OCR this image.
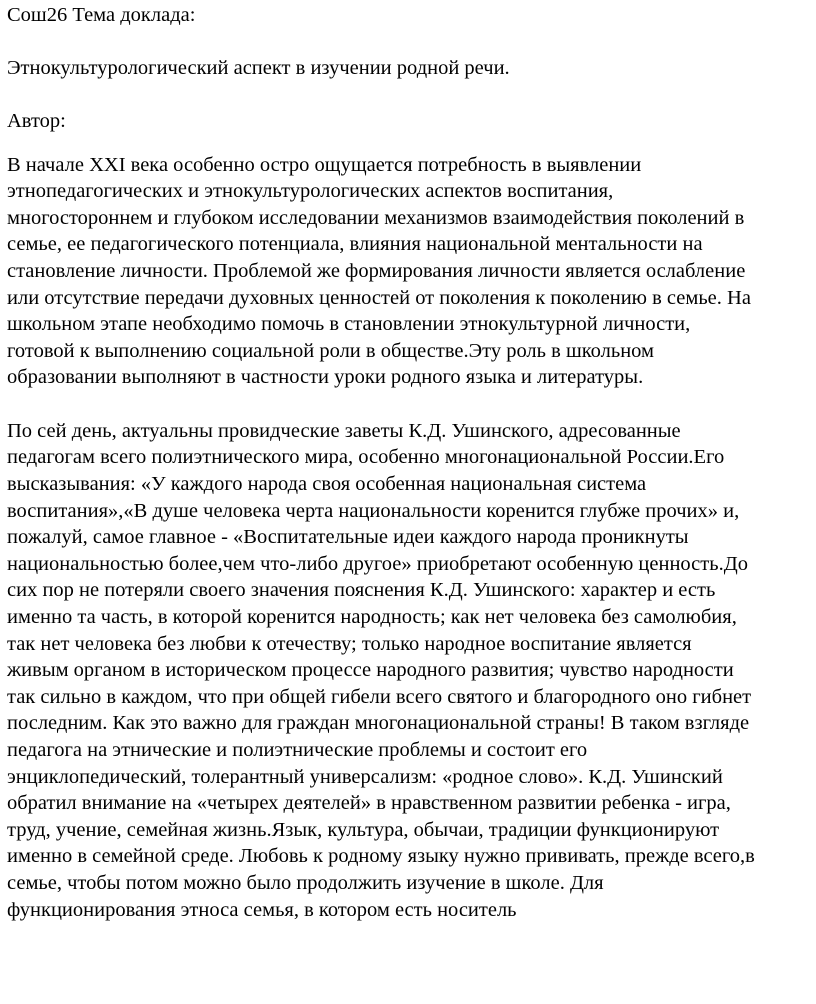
Сош26 Тема доклада:

Этнокультурологический аспект в изучении родной речи.

Автор:

В начале XXI века особенно остро ощущается потребность в выявлении

этнопедагогических и этнокультурологических аспектов воспитания,

многостороннем и глубоком исследовании механизмов взаимодействия поколений в

семье, ее педагогического потенциала, влияния национальной ментальности на

становление личности. Проблемой же формирования личности является ослабление

или отсутствие передачи духовных ценностей от поколения к поколению в семье. На

школьном этапе необходимо помочь в становлении этнокультурной личности,

готовой к выполнению социальной роли в обществе.Эту роль в школьном

образовании выполняют в частности уроки родного языка и литературы.

По сей день, актуальны провидческие заветы К.Д. Ушинского, адресованные

педагогам всего полиэтнического мира, особенно многонациональной России.Его

высказывания: «У каждого народа своя особенная национальная система

воспитания»,«В душе человека черта национальности коренится глубже прочих» и,

пожалуй, самое главное - «Воспитательные идеи каждого народа проникнуты

национальностью более,чем что-либо другое» приобретают особенную ценность.До

сих пор не потеряли своего значения пояснения К.Д. Ушинского: характер и есть

именно та часть, в которой коренится народность; как нет человека без самолюбия,

так нет человека без любви к отечеству; только народное воспитание является

живым органом в историческом процессе народного развития; чувство народности

так сильно в каждом, что при общей гибели всего святого и благородного оно гибнет

последним. Как это важно для граждан многонациональной страны! В таком взгляде

педагога на этнические и полиэтнические проблемы и состоит его

энциклопедический, толерантный универсализм: «родное слово». К.Д. Ушинский

обратил внимание на «четырех деятелей» в нравственном развитии ребенка - игра,

труд, учение, семейная жизнь.Язык, культура, обычаи, традиции функционируют

именно в семейной среде. Любовь к родному языку нужно прививать, прежде всего,в

семье, чтобы потом можно было продолжить изучение в школе. Для

функционирования этноса семья, в котором есть носитель
